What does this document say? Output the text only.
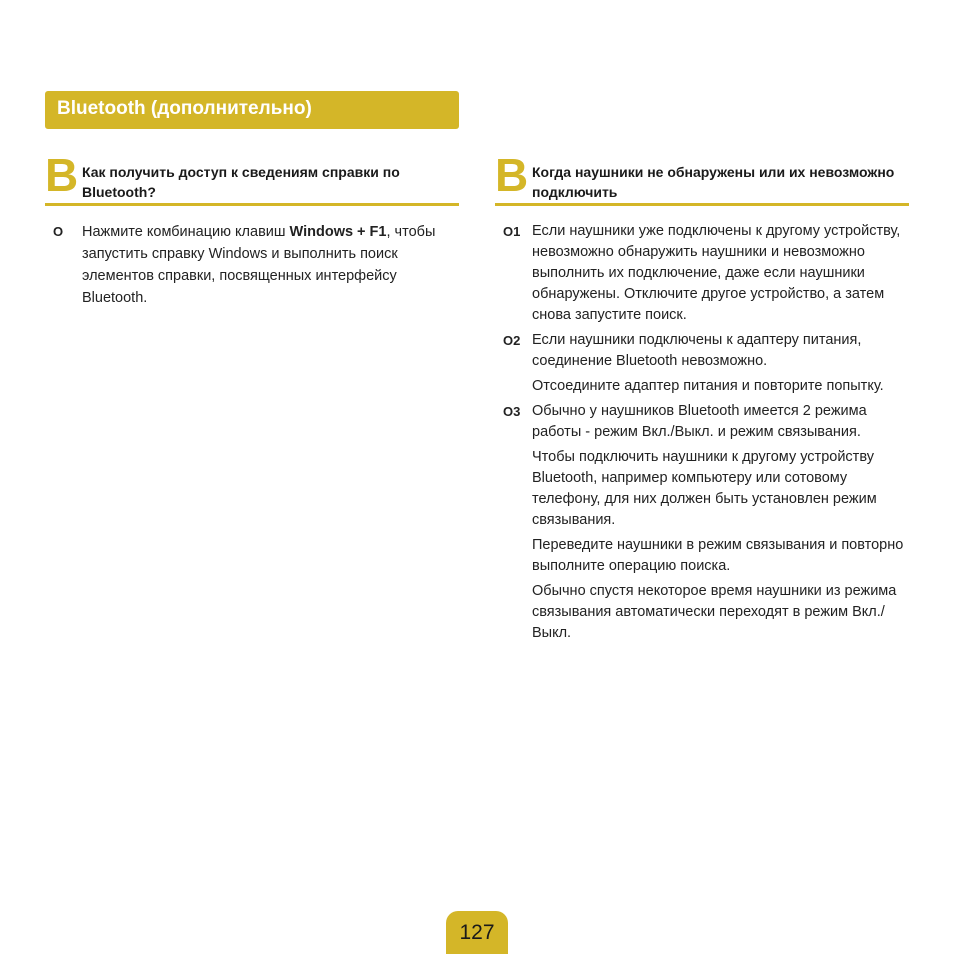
Bluetooth (дополнительно)
B Как получить доступ к сведениям справки по Bluetooth?
O Нажмите комбинацию клавиш Windows + F1, чтобы запустить справку Windows и выполнить поиск элементов справки, посвященных интерфейсу Bluetooth.

B Когда наушники не обнаружены или их невозможно подключить
O1 Если наушники уже подключены к другому устройству, невозможно обнаружить наушники и невозможно выполнить их подключение, даже если наушники обнаружены. Отключите другое устройство, а затем снова запустите поиск.

O2 Если наушники подключены к адаптеру питания, соединение Bluetooth невозможно.

Отсоедините адаптер питания и повторите попытку.

O3 Обычно у наушников Bluetooth имеется 2 режима работы - режим Вкл./Выкл. и режим связывания.

Чтобы подключить наушники к другому устройству Bluetooth, например компьютеру или сотовому телефону, для них должен быть установлен режим связывания.

Переведите наушники в режим связывания и повторно выполните операцию поиска.

Обычно спустя некоторое время наушники из режима связывания автоматически переходят в режим Вкл./Выкл.

127
